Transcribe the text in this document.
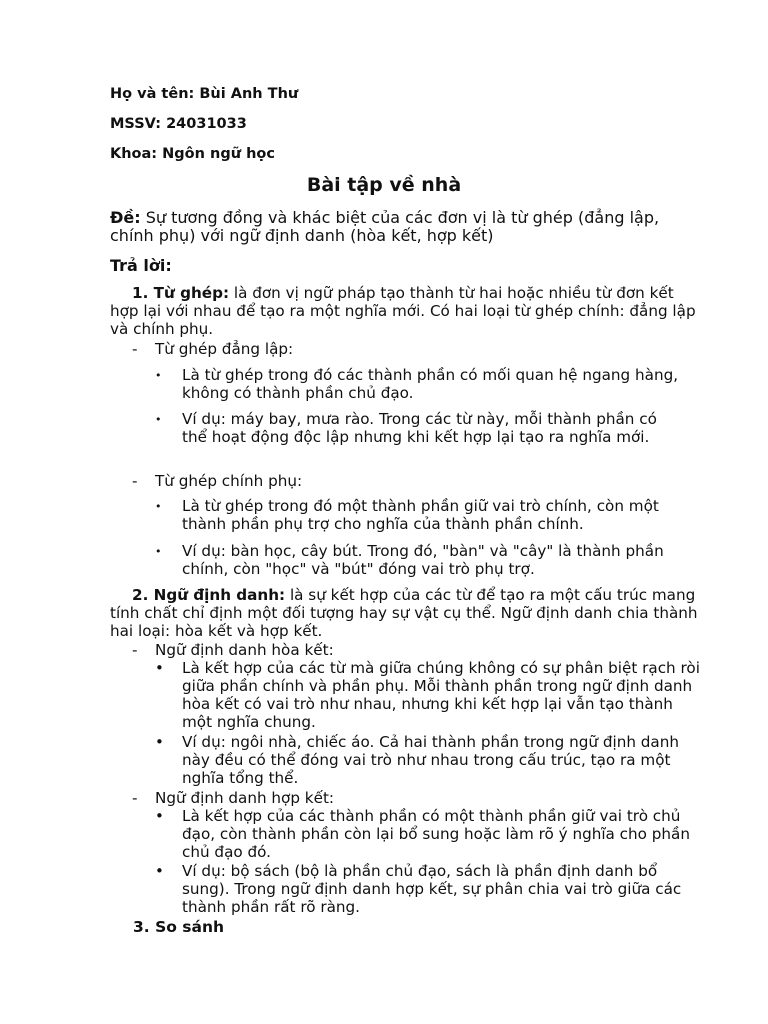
Họ và tên: Bùi Anh Thư
MSSV: 24031033
Khoa: Ngôn ngữ học
Bài tập về nhà
Đề: Sự tương đồng và khác biệt của các đơn vị là từ ghép (đẳng lập, chính phụ) với ngữ định danh (hòa kết, hợp kết)
Trả lời:
1. Từ ghép: là đơn vị ngữ pháp tạo thành từ hai hoặc nhiều từ đơn kết hợp lại với nhau để tạo ra một nghĩa mới. Có hai loại từ ghép chính: đẳng lập và chính phụ.
- Từ ghép đẳng lập:
• Là từ ghép trong đó các thành phần có mối quan hệ ngang hàng, không có thành phần chủ đạo.
• Ví dụ: máy bay, mưa rào. Trong các từ này, mỗi thành phần có thể hoạt động độc lập nhưng khi kết hợp lại tạo ra nghĩa mới.
- Từ ghép chính phụ:
• Là từ ghép trong đó một thành phần giữ vai trò chính, còn một thành phần phụ trợ cho nghĩa của thành phần chính.
• Ví dụ: bàn học, cây bút. Trong đó, "bàn" và "cây" là thành phần chính, còn "học" và "bút" đóng vai trò phụ trợ.
2. Ngữ định danh: là sự kết hợp của các từ để tạo ra một cấu trúc mang tính chất chỉ định một đối tượng hay sự vật cụ thể. Ngữ định danh chia thành hai loại: hòa kết và hợp kết.
- Ngữ định danh hòa kết:
• Là kết hợp của các từ mà giữa chúng không có sự phân biệt rạch ròi giữa phần chính và phần phụ. Mỗi thành phần trong ngữ định danh hòa kết có vai trò như nhau, nhưng khi kết hợp lại vẫn tạo thành một nghĩa chung.
• Ví dụ: ngôi nhà, chiếc áo. Cả hai thành phần trong ngữ định danh này đều có thể đóng vai trò như nhau trong cấu trúc, tạo ra một nghĩa tổng thể.
- Ngữ định danh hợp kết:
• Là kết hợp của các thành phần có một thành phần giữ vai trò chủ đạo, còn thành phần còn lại bổ sung hoặc làm rõ ý nghĩa cho phần chủ đạo đó.
• Ví dụ: bộ sách (bộ là phần chủ đạo, sách là phần định danh bổ sung). Trong ngữ định danh hợp kết, sự phân chia vai trò giữa các thành phần rất rõ ràng.
3. So sánh
